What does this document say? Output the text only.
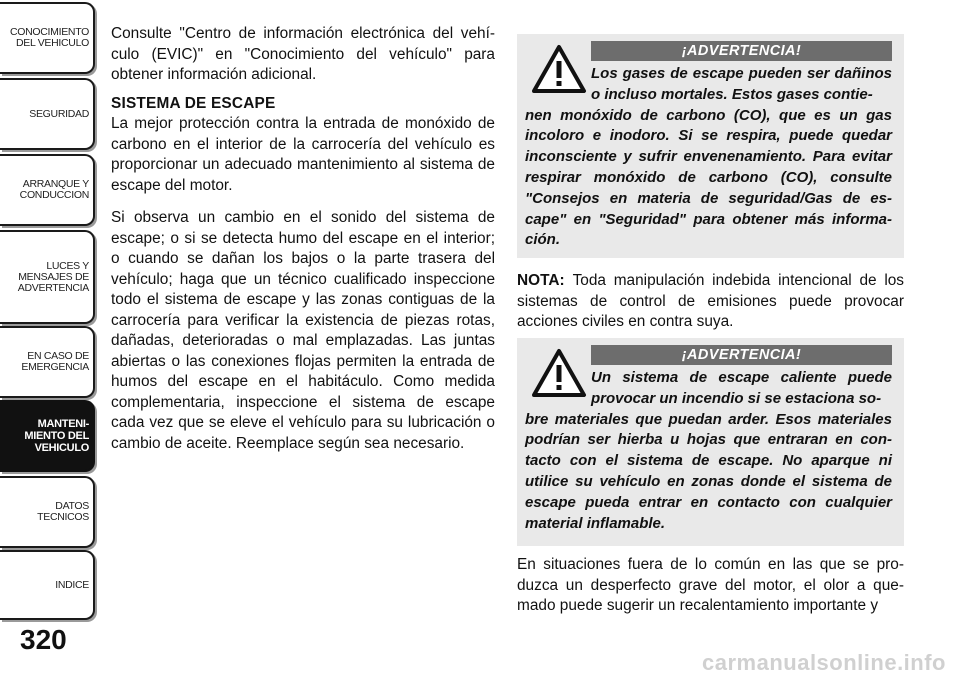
CONOCIMIENTO
DEL VEHICULO
SEGURIDAD
ARRANQUE Y
CONDUCCION
LUCES Y
MENSAJES DE
ADVERTENCIA
EN CASO DE
EMERGENCIA
MANTENI-
MIENTO DEL
VEHICULO
DATOS
TECNICOS
INDICE
320

Consulte "Centro de información electrónica del vehí-culo (EVIC)" en "Conocimiento del vehículo" para obtener información adicional.

SISTEMA DE ESCAPE

La mejor protección contra la entrada de monóxido de carbono en el interior de la carrocería del vehículo es proporcionar un adecuado mantenimiento al sistema de escape del motor.

Si observa un cambio en el sonido del sistema de escape; o si se detecta humo del escape en el interior; o cuando se dañan los bajos o la parte trasera del vehículo; haga que un técnico cualificado inspeccione todo el sistema de escape y las zonas contiguas de la carrocería para verificar la existencia de piezas rotas, dañadas, deterioradas o mal emplazadas. Las juntas abiertas o las conexiones flojas permiten la entrada de humos del escape en el habitáculo. Como medida complementaria, inspeccione el sistema de escape cada vez que se eleve el vehículo para su lubricación o cambio de aceite. Reemplace según sea necesario.

¡ADVERTENCIA!
Los gases de escape pueden ser dañinos o incluso mortales. Estos gases contie-
nen monóxido de carbono (CO), que es un gas incoloro e inodoro. Si se respira, puede quedar inconsciente y sufrir envenenamiento. Para evitar respirar monóxido de carbono (CO), consulte "Consejos en materia de seguridad/Gas de es-cape" en "Seguridad" para obtener más informa-ción.
NOTA: Toda manipulación indebida intencional de los sistemas de control de emisiones puede provocar acciones civiles en contra suya.
¡ADVERTENCIA!
Un sistema de escape caliente puede provocar un incendio si se estaciona so-
bre materiales que puedan arder. Esos materiales podrían ser hierba u hojas que entraran en con-tacto con el sistema de escape. No aparque ni utilice su vehículo en zonas donde el sistema de escape pueda entrar en contacto con cualquier material inflamable.
En situaciones fuera de lo común en las que se pro-duzca un desperfecto grave del motor, el olor a que-mado puede sugerir un recalentamiento importante y
carmanualsonline.info
